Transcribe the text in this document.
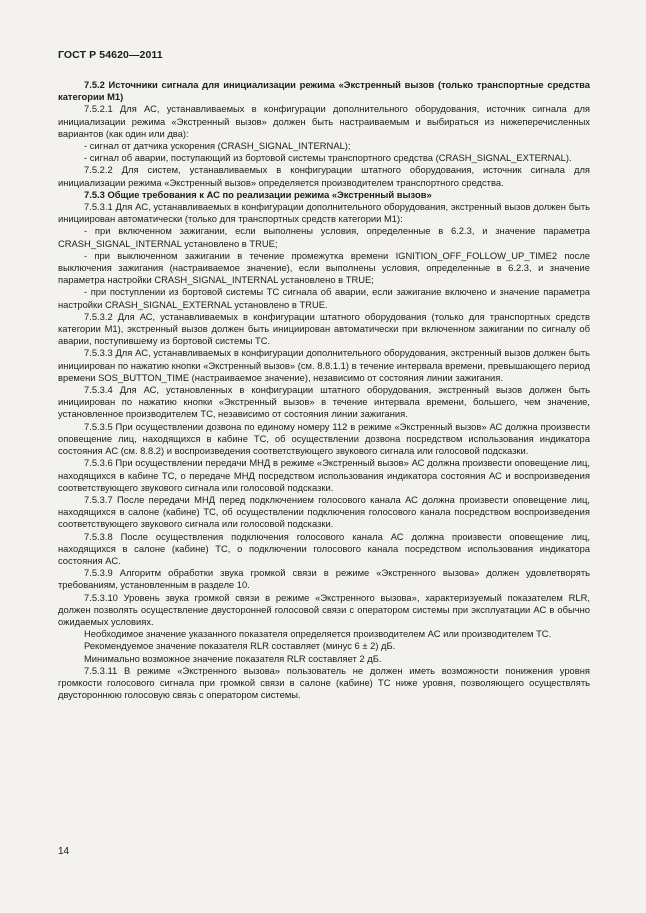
ГОСТ Р 54620—2011

7.5.2 Источники сигнала для инициализации режима «Экстренный вызов (только транспортные средства категории М1)

7.5.2.1 Для АС, устанавливаемых в конфигурации дополнительного оборудования, источник сигнала для инициализации режима «Экстренный вызов» должен быть настраиваемым и выбираться из нижеперечисленных вариантов (как один или два):

- сигнал от датчика ускорения (CRASH_SIGNAL_INTERNAL);

- сигнал об аварии, поступающий из бортовой системы транспортного средства (CRASH_SIGNAL_EXTERNAL).

7.5.2.2 Для систем, устанавливаемых в конфигурации штатного оборудования, источник сигнала для инициализации режима «Экстренный вызов» определяется производителем транспортного средства.

7.5.3 Общие требования к АС по реализации режима «Экстренный вызов»

7.5.3.1 Для АС, устанавливаемых в конфигурации дополнительного оборудования, экстренный вызов должен быть инициирован автоматически (только для транспортных средств категории М1):

- при включенном зажигании, если выполнены условия, определенные в 6.2.3, и значение параметра CRASH_SIGNAL_INTERNAL установлено в TRUE;

- при выключенном зажигании в течение промежутка времени IGNITION_OFF_FOLLOW_UP_TIME2 после выключения зажигания (настраиваемое значение), если выполнены условия, определенные в 6.2.3, и значение параметра настройки CRASH_SIGNAL_INTERNAL установлено в TRUE;

- при поступлении из бортовой системы ТС сигнала об аварии, если зажигание включено и значение параметра настройки CRASH_SIGNAL_EXTERNAL установлено в TRUE.

7.5.3.2 Для АС, устанавливаемых в конфигурации штатного оборудования (только для транспортных средств категории М1), экстренный вызов должен быть инициирован автоматически при включенном зажигании по сигналу об аварии, поступившему из бортовой системы ТС.

7.5.3.3 Для АС, устанавливаемых в конфигурации дополнительного оборудования, экстренный вызов должен быть инициирован по нажатию кнопки «Экстренный вызов» (см. 8.8.1.1) в течение интервала времени, превышающего период времени SOS_BUTTON_TIME (настраиваемое значение), независимо от состояния линии зажигания.

7.5.3.4 Для АС, установленных в конфигурации штатного оборудования, экстренный вызов должен быть инициирован по нажатию кнопки «Экстренный вызов» в течение интервала времени, большего, чем значение, установленное производителем ТС, независимо от состояния линии зажигания.

7.5.3.5 При осуществлении дозвона по единому номеру 112 в режиме «Экстренный вызов» АС должна произвести оповещение лиц, находящихся в кабине ТС, об осуществлении дозвона посредством использования индикатора состояния АС (см. 8.8.2) и воспроизведения соответствующего звукового сигнала или голосовой подсказки.

7.5.3.6 При осуществлении передачи МНД в режиме «Экстренный вызов» АС должна произвести оповещение лиц, находящихся в кабине ТС, о передаче МНД посредством использования индикатора состояния АС и воспроизведения соответствующего звукового сигнала или голосовой подсказки.

7.5.3.7 После передачи МНД перед подключением голосового канала АС должна произвести оповещение лиц, находящихся в салоне (кабине) ТС, об осуществлении подключения голосового канала посредством воспроизведения соответствующего звукового сигнала или голосовой подсказки.

7.5.3.8 После осуществления подключения голосового канала АС должна произвести оповещение лиц, находящихся в салоне (кабине) ТС, о подключении голосового канала посредством использования индикатора состояния АС.

7.5.3.9 Алгоритм обработки звука громкой связи в режиме «Экстренного вызова» должен удовлетворять требованиям, установленным в разделе 10.

7.5.3.10 Уровень звука громкой связи в режиме «Экстренного вызова», характеризуемый показателем RLR, должен позволять осуществление двусторонней голосовой связи с оператором системы при эксплуатации АС в обычно ожидаемых условиях.

Необходимое значение указанного показателя определяется производителем АС или производителем ТС.

Рекомендуемое значение показателя RLR составляет (минус 6 ± 2) дБ.

Минимально возможное значение показателя RLR составляет 2 дБ.

7.5.3.11 В режиме «Экстренного вызова» пользователь не должен иметь возможности понижения уровня громкости голосового сигнала при громкой связи в салоне (кабине) ТС ниже уровня, позволяющего осуществлять двустороннюю голосовую связь с оператором системы.

14
